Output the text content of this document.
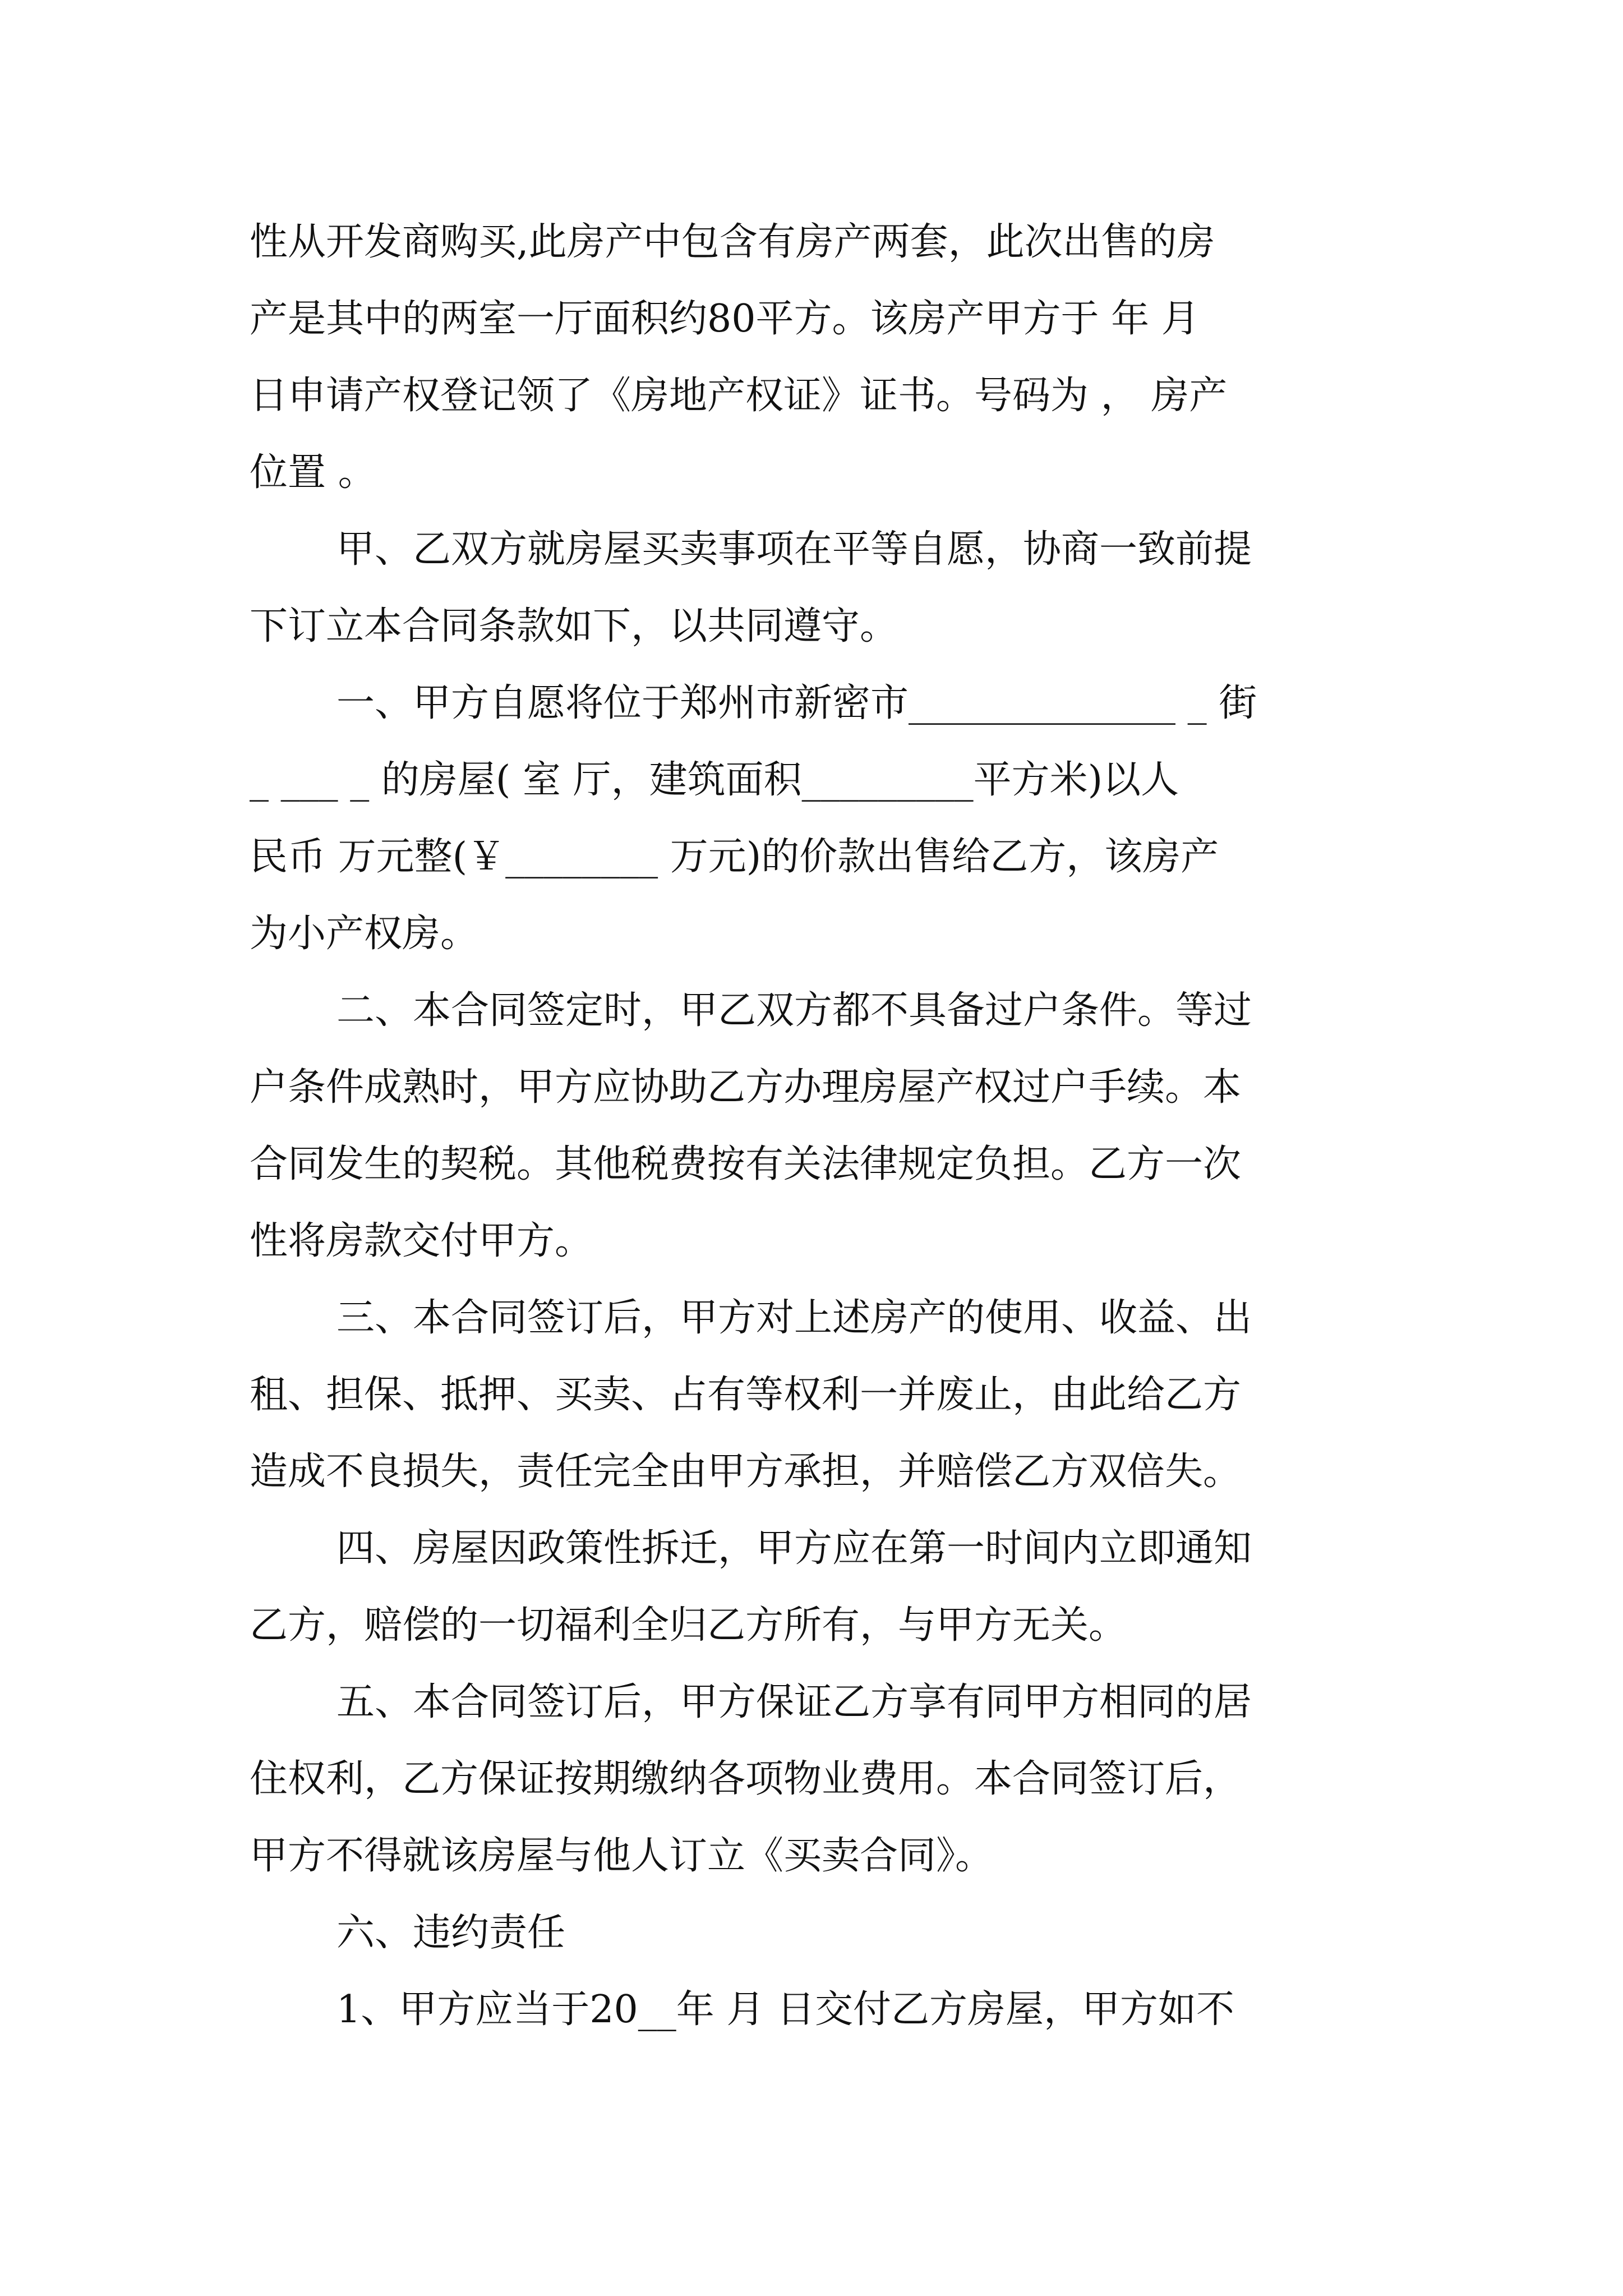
性从开发商购买,此房产中包含有房产两套，此次出售的房

产是其中的两室一厅面积约80平方。该房产甲方于 年 月

日申请产权登记领了《房地产权证》证书。号码为 ， 房产

位置 。

甲、乙双方就房屋买卖事项在平等自愿，协商一致前提

下订立本合同条款如下，以共同遵守。

一、甲方自愿将位于郑州市新密市______________ _ 街

_ ___ _ 的房屋( 室 厅，建筑面积_________平方米)以人

民币 万元整(￥________ 万元)的价款出售给乙方，该房产

为小产权房。

二、本合同签定时，甲乙双方都不具备过户条件。等过

户条件成熟时，甲方应协助乙方办理房屋产权过户手续。本

合同发生的契税。其他税费按有关法律规定负担。乙方一次

性将房款交付甲方。

三、本合同签订后，甲方对上述房产的使用、收益、出

租、担保、抵押、买卖、占有等权利一并废止，由此给乙方

造成不良损失，责任完全由甲方承担，并赔偿乙方双倍失。

四、房屋因政策性拆迁，甲方应在第一时间内立即通知

乙方，赔偿的一切福利全归乙方所有，与甲方无关。

五、本合同签订后，甲方保证乙方享有同甲方相同的居

住权利，乙方保证按期缴纳各项物业费用。本合同签订后，

甲方不得就该房屋与他人订立《买卖合同》。

六、违约责任

1、甲方应当于20__年 月 日交付乙方房屋，甲方如不
